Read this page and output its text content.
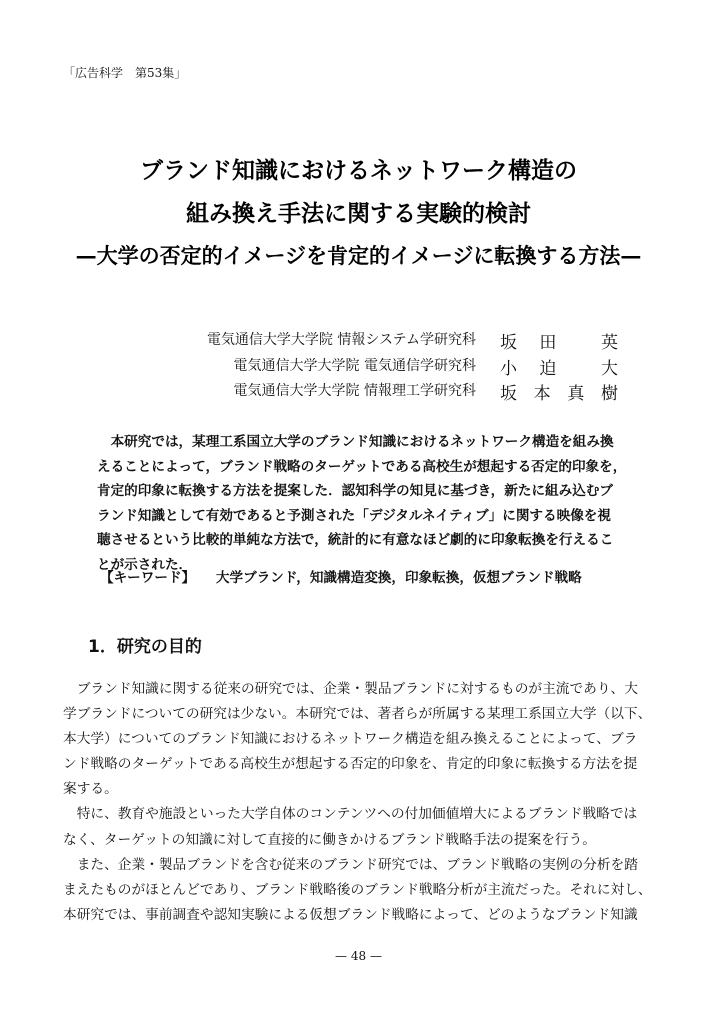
「広告科学　第53集」
ブランド知識におけるネットワーク構造の
組み換え手法に関する実験的検討
—大学の否定的イメージを肯定的イメージに転換する方法—
電気通信大学大学院 情報システム学研究科 坂 田	英
電気通信大学大学院 電気通信学研究科 小 迫	大
電気通信大学大学院 情報理工学研究科 坂 本 真 樹
　本研究では，某理工系国立大学のブランド知識におけるネットワーク構造を組み換
えることによって，ブランド戦略のターゲットである高校生が想起する否定的印象を，
肯定的印象に転換する方法を提案した．認知科学の知見に基づき，新たに組み込むブ
ランド知識として有効であると予測された「デジタルネイティブ」に関する映像を視
聴させるという比較的単純な方法で，統計的に有意なほど劇的に印象転換を行えるこ
とが示された．
【キーワード】 大学ブランド，知識構造変換，印象転換，仮想ブランド戦略
1．研究の目的
　ブランド知識に関する従来の研究では、企業・製品ブランドに対するものが主流であり、大
学ブランドについての研究は少ない。本研究では、著者らが所属する某理工系国立大学（以下、
本大学）についてのブランド知識におけるネットワーク構造を組み換えることによって、ブラ
ンド戦略のターゲットである高校生が想起する否定的印象を、肯定的印象に転換する方法を提
案する。
　特に、教育や施設といった大学自体のコンテンツへの付加価値増大によるブランド戦略では
なく、ターゲットの知識に対して直接的に働きかけるブランド戦略手法の提案を行う。
　また、企業・製品ブランドを含む従来のブランド研究では、ブランド戦略の実例の分析を踏
まえたものがほとんどであり、ブランド戦略後のブランド戦略分析が主流だった。それに対し、
本研究では、事前調査や認知実験による仮想ブランド戦略によって、どのようなブランド知識
— 48 —
